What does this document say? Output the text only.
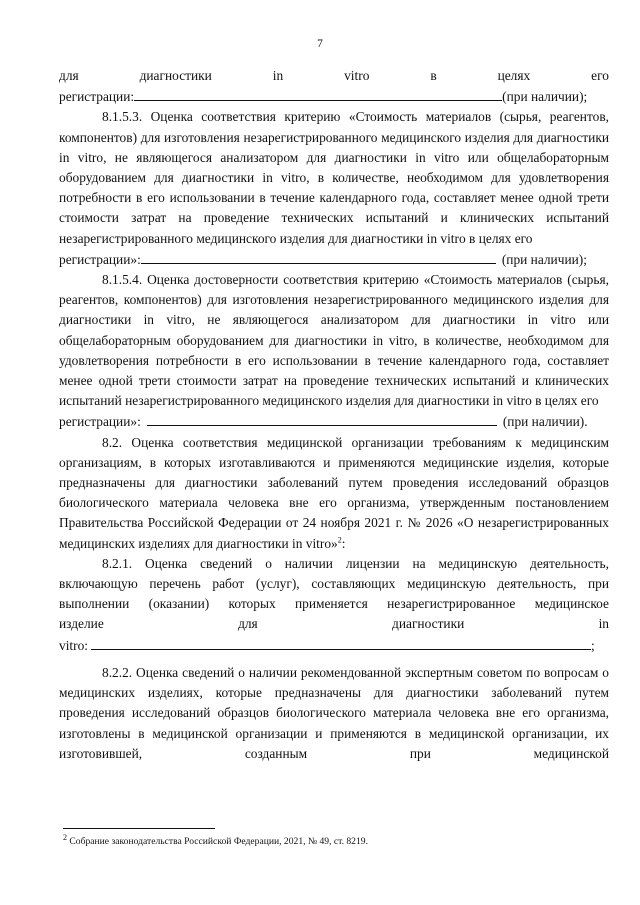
7
для	диагностики	in	vitro	в	целях	его
регистрации:	(при наличии);

8.1.5.3. Оценка соответствия критерию «Стоимость материалов (сырья, реагентов, компонентов) для изготовления незарегистрированного медицинского изделия для диагностики in vitro, не являющегося анализатором для диагностики in vitro или общелабораторным оборудованием для диагностики in vitro, в количестве, необходимом для удовлетворения потребности в его использовании в течение календарного года, составляет менее одной трети стоимости затрат на проведение технических испытаний и клинических испытаний незарегистрированного медицинского изделия для диагностики in vitro в целях его

регистрации»:	(при наличии);

8.1.5.4. Оценка достоверности соответствия критерию «Стоимость материалов (сырья, реагентов, компонентов) для изготовления незарегистрированного медицинского изделия для диагностики in vitro, не являющегося анализатором для диагностики in vitro или общелабораторным оборудованием для диагностики in vitro, в количестве, необходимом для удовлетворения потребности в его использовании в течение календарного года, составляет менее одной трети стоимости затрат на проведение технических испытаний и клинических испытаний незарегистрированного медицинского изделия для диагностики in vitro в целях его

регистрации»:	(при наличии).

8.2. Оценка соответствия медицинской организации требованиям к медицинским организациям, в которых изготавливаются и применяются медицинские изделия, которые предназначены для диагностики заболеваний путем проведения исследований образцов биологического материала человека вне его организма, утвержденным постановлением Правительства Российской Федерации от 24 ноября 2021 г. № 2026 «О незарегистрированных медицинских изделиях для диагностики in vitro»$^2$:

8.2.1. Оценка сведений о наличии лицензии на медицинскую деятельность, включающую перечень работ (услуг), составляющих медицинскую деятельность, при выполнении (оказании) которых применяется незарегистрированное медицинское

изделие	для	диагностики	in
vitro:	;

8.2.2. Оценка сведений о наличии рекомендованной экспертным советом по вопросам о медицинских изделиях, которые предназначены для диагностики заболеваний путем проведения исследований образцов биологического материала человека вне его организма, изготовлены в медицинской организации и применяются в медицинской организации, их изготовившей, созданным при медицинской

$^2$ Собрание законодательства Российской Федерации, 2021, № 49, ст. 8219.
